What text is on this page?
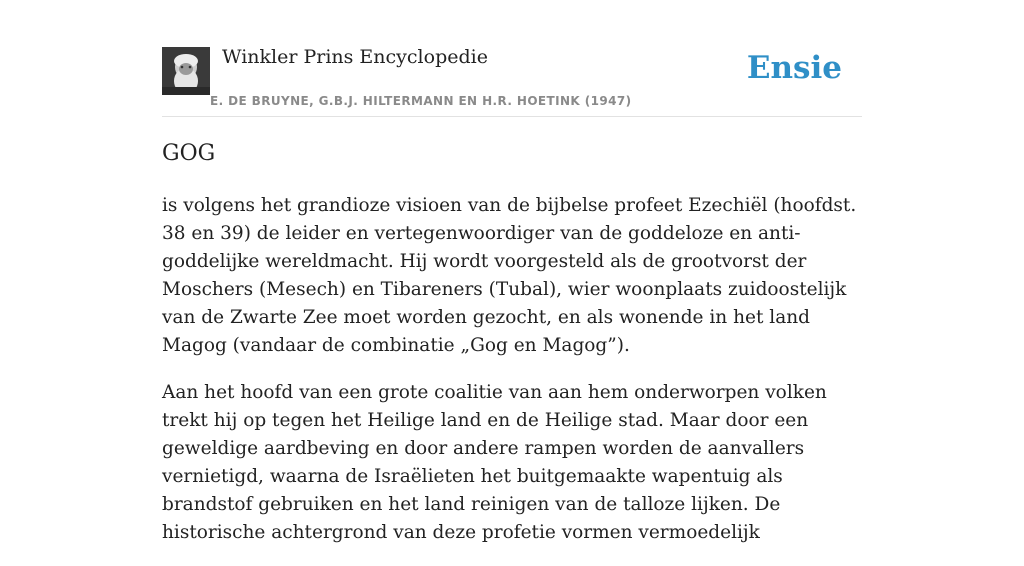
Winkler Prins Encyclopedie
E. DE BRUYNE, G.B.J. HILTERMANN EN H.R. HOETINK (1947)
Ensie
GOG

is volgens het grandioze visioen van de bijbelse profeet Ezechiël (hoofdst. 38 en 39) de leider en vertegenwoordiger van de goddeloze en anti-goddelijke wereldmacht. Hij wordt voorgesteld als de grootvorst der Moschers (Mesech) en Tibareners (Tubal), wier woonplaats zuidoostelijk van de Zwarte Zee moet worden gezocht, en als wonende in het land Magog (vandaar de combinatie „Gog en Magog”).

Aan het hoofd van een grote coalitie van aan hem onderworpen volken trekt hij op tegen het Heilige land en de Heilige stad. Maar door een geweldige aardbeving en door andere rampen worden de aanvallers vernietigd, waarna de Israëlieten het buitgemaakte wapentuig als brandstof gebruiken en het land reinigen van de talloze lijken. De historische achtergrond van deze profetie vormen vermoedelijk
